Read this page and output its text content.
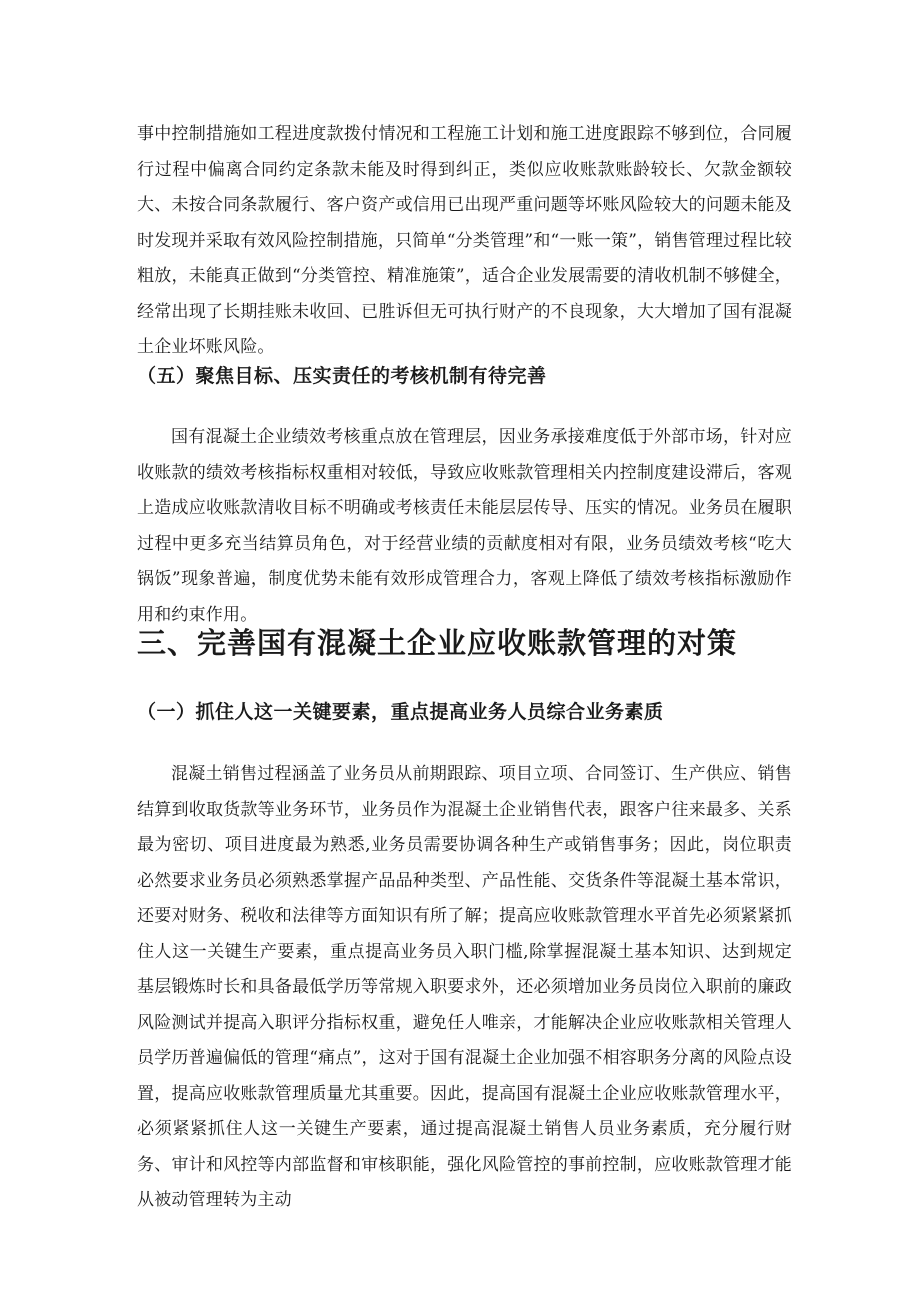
事中控制措施如工程进度款拨付情况和工程施工计划和施工进度跟踪不够到位，合同履行过程中偏离合同约定条款未能及时得到纠正，类似应收账款账龄较长、欠款金额较大、未按合同条款履行、客户资产或信用已出现严重问题等坏账风险较大的问题未能及时发现并采取有效风险控制措施，只简单“分类管理”和“一账一策”，销售管理过程比较粗放，未能真正做到“分类管控、精准施策”，适合企业发展需要的清收机制不够健全，经常出现了长期挂账未收回、已胜诉但无可执行财产的不良现象，大大增加了国有混凝土企业坏账风险。

（五）聚焦目标、压实责任的考核机制有待完善

国有混凝土企业绩效考核重点放在管理层，因业务承接难度低于外部市场，针对应收账款的绩效考核指标权重相对较低，导致应收账款管理相关内控制度建设滞后，客观上造成应收账款清收目标不明确或考核责任未能层层传导、压实的情况。业务员在履职过程中更多充当结算员角色，对于经营业绩的贡献度相对有限，业务员绩效考核“吃大锅饭”现象普遍，制度优势未能有效形成管理合力，客观上降低了绩效考核指标激励作用和约束作用。

三、完善国有混凝土企业应收账款管理的对策
（一）抓住人这一关键要素，重点提高业务人员综合业务素质

混凝土销售过程涵盖了业务员从前期跟踪、项目立项、合同签订、生产供应、销售结算到收取货款等业务环节，业务员作为混凝土企业销售代表，跟客户往来最多、关系最为密切、项目进度最为熟悉,业务员需要协调各种生产或销售事务；因此，岗位职责必然要求业务员必须熟悉掌握产品品种类型、产品性能、交货条件等混凝土基本常识，还要对财务、税收和法律等方面知识有所了解；提高应收账款管理水平首先必须紧紧抓住人这一关键生产要素，重点提高业务员入职门槛,除掌握混凝土基本知识、达到规定基层锻炼时长和具备最低学历等常规入职要求外，还必须增加业务员岗位入职前的廉政风险测试并提高入职评分指标权重，避免任人唯亲，才能解决企业应收账款相关管理人员学历普遍偏低的管理“痛点”，这对于国有混凝土企业加强不相容职务分离的风险点设置，提高应收账款管理质量尤其重要。因此，提高国有混凝土企业应收账款管理水平，必须紧紧抓住人这一关键生产要素，通过提高混凝土销售人员业务素质，充分履行财务、审计和风控等内部监督和审核职能，强化风险管控的事前控制，应收账款管理才能从被动管理转为主动
